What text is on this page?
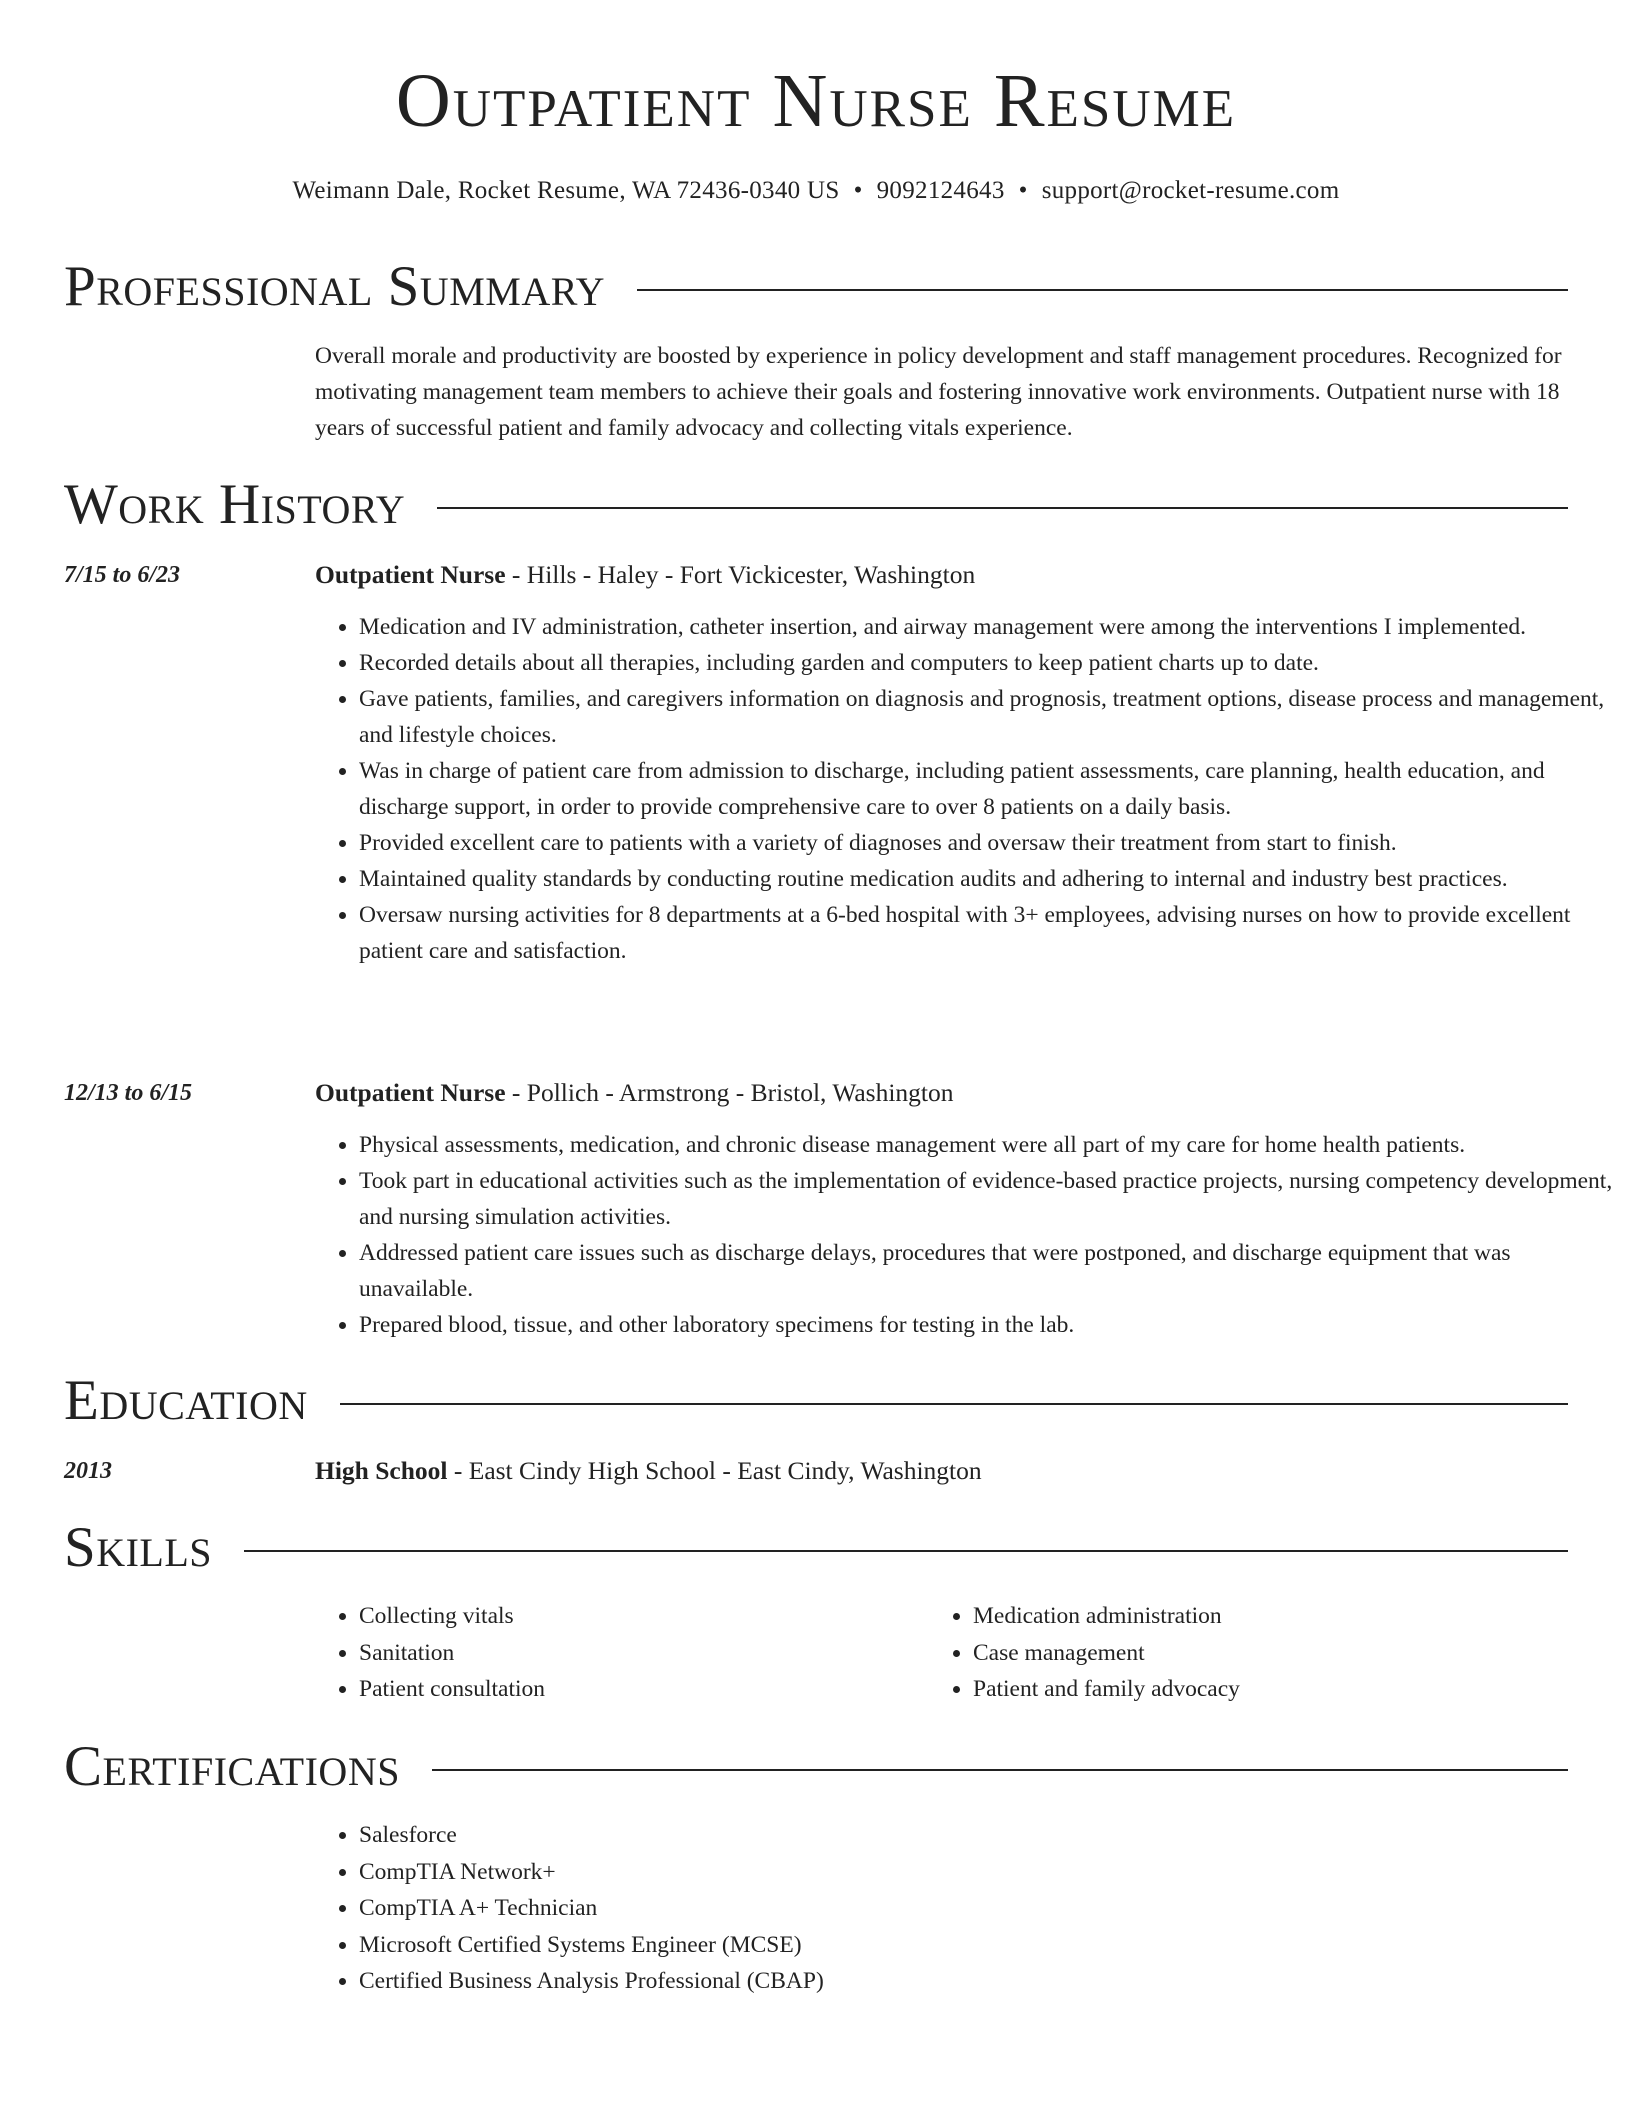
Outpatient Nurse Resume
Weimann Dale, Rocket Resume, WA 72436-0340 US • 9092124643 • support@rocket-resume.com
Professional Summary

Overall morale and productivity are boosted by experience in policy development and staff management procedures. Recognized for motivating management team members to achieve their goals and fostering innovative work environments. Outpatient nurse with 18 years of successful patient and family advocacy and collecting vitals experience.

Work History
7/15 to 6/23	Outpatient Nurse - Hills - Haley - Fort Vickicester, Washington
• Medication and IV administration, catheter insertion, and airway management were among the interventions I implemented.
• Recorded details about all therapies, including garden and computers to keep patient charts up to date.
• Gave patients, families, and caregivers information on diagnosis and prognosis, treatment options, disease process and management, and lifestyle choices.
• Was in charge of patient care from admission to discharge, including patient assessments, care planning, health education, and discharge support, in order to provide comprehensive care to over 8 patients on a daily basis.
• Provided excellent care to patients with a variety of diagnoses and oversaw their treatment from start to finish.
• Maintained quality standards by conducting routine medication audits and adhering to internal and industry best practices.
• Oversaw nursing activities for 8 departments at a 6-bed hospital with 3+ employees, advising nurses on how to provide excellent patient care and satisfaction.
12/13 to 6/15	Outpatient Nurse - Pollich - Armstrong - Bristol, Washington
• Physical assessments, medication, and chronic disease management were all part of my care for home health patients.
• Took part in educational activities such as the implementation of evidence-based practice projects, nursing competency development, and nursing simulation activities.
• Addressed patient care issues such as discharge delays, procedures that were postponed, and discharge equipment that was unavailable.
• Prepared blood, tissue, and other laboratory specimens for testing in the lab.
Education
2013	High School - East Cindy High School - East Cindy, Washington
Skills
• Collecting vitals
• Sanitation
• Patient consultation
• Medication administration
• Case management
• Patient and family advocacy
Certifications
• Salesforce
• CompTIA Network+
• CompTIA A+ Technician
• Microsoft Certified Systems Engineer (MCSE)
• Certified Business Analysis Professional (CBAP)
